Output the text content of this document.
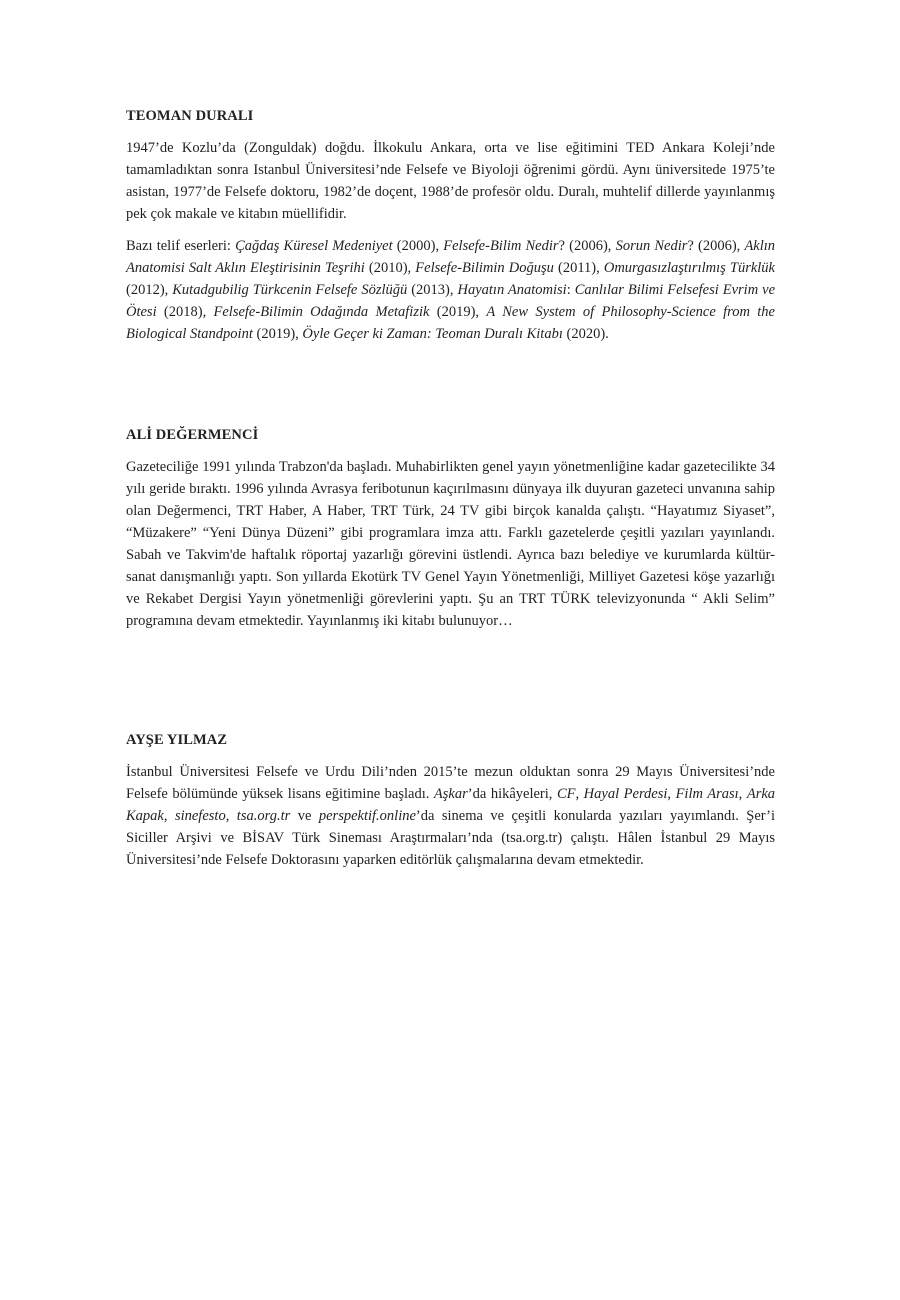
TEOMAN DURALI

1947’de Kozlu’da (Zonguldak) doğdu. İlkokulu Ankara, orta ve lise eğitimini TED Ankara Koleji’nde tamamladıktan sonra Istanbul Üniversitesi’nde Felsefe ve Biyoloji öğrenimi gördü. Aynı üniversitede 1975’te asistan, 1977’de Felsefe doktoru, 1982’de doçent, 1988’de profesör oldu. Duralı, muhtelif dillerde yayınlanmış pek çok makale ve kitabın müellifidir.

Bazı telif eserleri: Çağdaş Küresel Medeniyet (2000), Felsefe-Bilim Nedir? (2006), Sorun Nedir? (2006), Aklın Anatomisi Salt Aklın Eleştirisinin Teşrihi (2010), Felsefe-Bilimin Doğuşu (2011), Omurgasızlaştırılmış Türklük (2012), Kutadgubilig Türkcenin Felsefe Sözlüğü (2013), Hayatın Anatomisi: Canlılar Bilimi Felsefesi Evrim ve Ötesi (2018), Felsefe-Bilimin Odağında Metafizik (2019), A New System of Philosophy-Science from the Biological Standpoint (2019), Öyle Geçer ki Zaman: Teoman Duralı Kitabı (2020).

ALİ DEĞERMENCİ

Gazeteciliğe 1991 yılında Trabzon'da başladı. Muhabirlikten genel yayın yönetmenliğine kadar gazetecilikte 34 yılı geride bıraktı. 1996 yılında Avrasya feribotunun kaçırılmasını dünyaya ilk duyuran gazeteci unvanına sahip olan Değermenci, TRT Haber, A Haber, TRT Türk, 24 TV gibi birçok kanalda çalıştı. “Hayatımız Siyaset”, “Müzakere” “Yeni Dünya Düzeni” gibi programlara imza attı. Farklı gazetelerde çeşitli yazıları yayınlandı. Sabah ve Takvim'de haftalık röportaj yazarlığı görevini üstlendi. Ayrıca bazı belediye ve kurumlarda kültür-sanat danışmanlığı yaptı. Son yıllarda Ekotürk TV Genel Yayın Yönetmenliği, Milliyet Gazetesi köşe yazarlığı ve Rekabet Dergisi Yayın yönetmenliği görevlerini yaptı. Şu an TRT TÜRK televizyonunda “ Akli Selim” programına devam etmektedir. Yayınlanmış iki kitabı bulunuyor…

AYŞE YILMAZ

İstanbul Üniversitesi Felsefe ve Urdu Dili’nden 2015’te mezun olduktan sonra 29 Mayıs Üniversitesi’nde Felsefe bölümünde yüksek lisans eğitimine başladı. Aşkar’da hikâyeleri, CF, Hayal Perdesi, Film Arası, Arka Kapak, sinefesto, tsa.org.tr ve perspektif.online’da sinema ve çeşitli konularda yazıları yayımlandı. Şer’i Siciller Arşivi ve BİSAV Türk Sineması Araştırmaları’nda (tsa.org.tr) çalıştı. Hâlen İstanbul 29 Mayıs Üniversitesi’nde Felsefe Doktorasını yaparken editörlük çalışmalarına devam etmektedir.
